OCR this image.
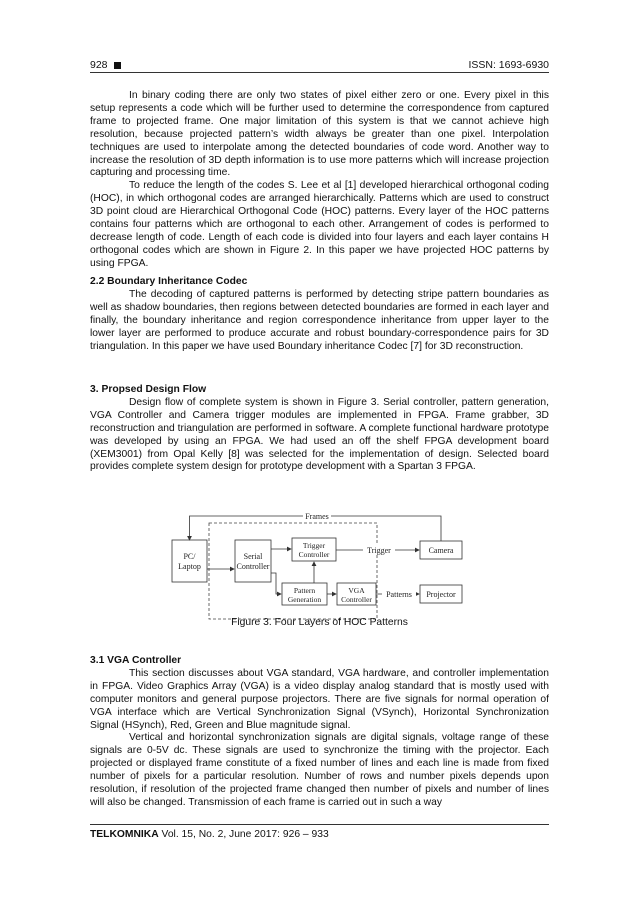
928	ISSN: 1693-6930

In binary coding there are only two states of pixel either zero or one. Every pixel in this setup represents a code which will be further used to determine the correspondence from captured frame to projected frame. One major limitation of this system is that we cannot achieve high resolution, because projected pattern’s width always be greater than one pixel. Interpolation techniques are used to interpolate among the detected boundaries of code word. Another way to increase the resolution of 3D depth information is to use more patterns which will increase projection capturing and processing time.

To reduce the length of the codes S. Lee et al [1] developed hierarchical orthogonal coding (HOC), in which orthogonal codes are arranged hierarchically. Patterns which are used to construct 3D point cloud are Hierarchical Orthogonal Code (HOC) patterns. Every layer of the HOC patterns contains four patterns which are orthogonal to each other. Arrangement of codes is performed to decrease length of code. Length of each code is divided into four layers and each layer contains H orthogonal codes which are shown in Figure 2. In this paper we have projected HOC patterns by using FPGA.

2.2 Boundary Inheritance Codec

The decoding of captured patterns is performed by detecting stripe pattern boundaries as well as shadow boundaries, then regions between detected boundaries are formed in each layer and finally, the boundary inheritance and region correspondence inheritance from upper layer to the lower layer are performed to produce accurate and robust boundary-correspondence pairs for 3D triangulation. In this paper we have used Boundary inheritance Codec [7] for 3D reconstruction.

3. Propsed Design Flow

Design flow of complete system is shown in Figure 3. Serial controller, pattern generation, VGA Controller and Camera trigger modules are implemented in FPGA. Frame grabber, 3D reconstruction and triangulation are performed in software. A complete functional hardware prototype was developed by using an FPGA. We had used an off the shelf FPGA development board (XEM3001) from Opal Kelly [8] was selected for the implementation of design. Selected board provides complete system design for prototype development with a Spartan 3 FPGA.

PC/
Laptop
Serial
Controller
Trigger
Controller
Pattern
Generation
VGA
Controller
Camera
Projector
Frames
Trigger
Patterns
Figure 3. Four Layers of HOC Patterns
3.1 VGA Controller

This section discusses about VGA standard, VGA hardware, and controller implementation in FPGA. Video Graphics Array (VGA) is a video display analog standard that is mostly used with computer monitors and general purpose projectors. There are five signals for normal operation of VGA interface which are Vertical Synchronization Signal (VSynch), Horizontal Synchronization Signal (HSynch), Red, Green and Blue magnitude signal.

Vertical and horizontal synchronization signals are digital signals, voltage range of these signals are 0-5V dc. These signals are used to synchronize the timing with the projector. Each projected or displayed frame constitute of a fixed number of lines and each line is made from fixed number of pixels for a particular resolution. Number of rows and number pixels depends upon resolution, if resolution of the projected frame changed then number of pixels and number of lines will also be changed. Transmission of each frame is carried out in such a way

TELKOMNIKA Vol. 15, No. 2, June 2017: 926 – 933
